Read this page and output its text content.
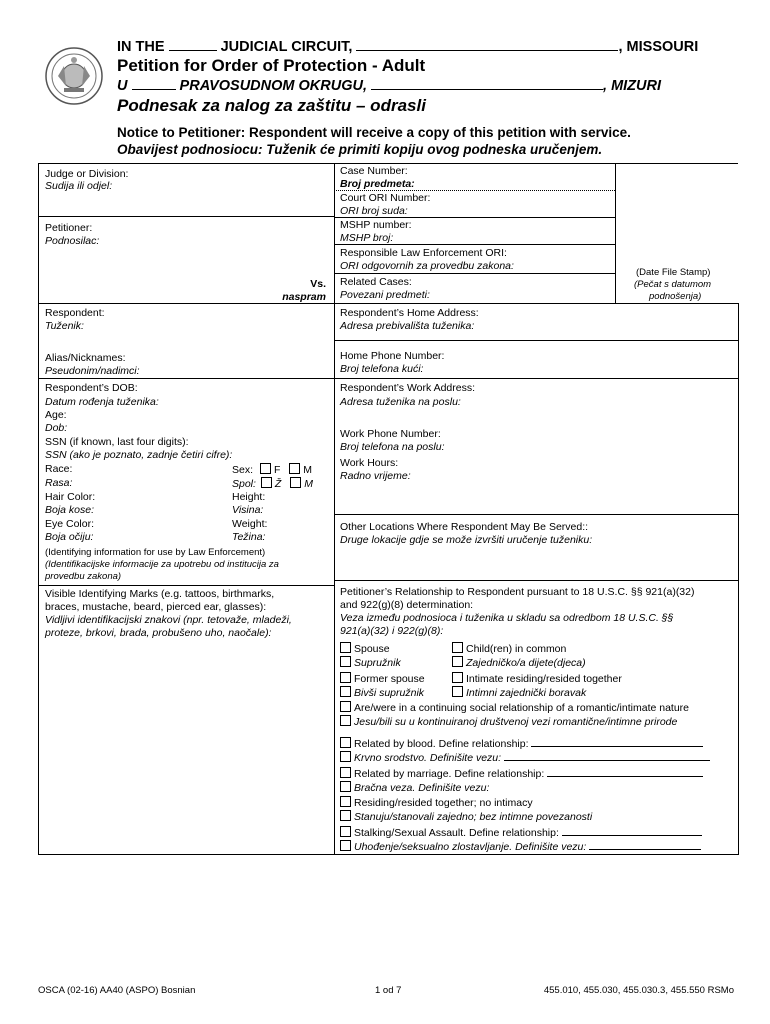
IN THE	JUDICIAL CIRCUIT,	, MISSOURI
Petition for Order of Protection - Adult
U	PRAVOSUDNOM OKRUGU,	, MIZURI
Podnesak za nalog za zaštitu – odrasli
Notice to Petitioner: Respondent will receive a copy of this petition with service.
Obavijest podnosiocu: Tuženik će primiti kopiju ovog podneska uručenjem.
Judge or Division:
Sudija ili odjel:
Petitioner:
Podnosilac:
Vs.
naspram
Respondent:
Tuženik:
Alias/Nicknames:
Pseudonim/nadimci:
Respondent’s DOB:
Datum rođenja tuženika:
Age:
Dob:
SSN (if known, last four digits):
SSN (ako je poznato, zadnje četiri cifre):
Race:
Rasa:
Sex: F M
Spol: Ž M
Hair Color:
Boja kose:
Height:
Visina:
Eye Color:
Boja očiju:
Weight:
Težina:
(Identifying information for use by Law Enforcement)
(Identifikacijske informacije za upotrebu od institucija za
provedbu zakona)
Visible Identifying Marks (e.g. tattoos, birthmarks,
braces, mustache, beard, pierced ear, glasses):
Vidljivi identifikacijski znakovi (npr. tetovaže, mladeži,
proteze, brkovi, brada, probušeno uho, naočale):
Case Number:
Broj predmeta:
Court ORI Number:
ORI broj suda:
MSHP number:
MSHP broj:
Responsible Law Enforcement ORI:
ORI odgovornih za provedbu zakona:
Related Cases:
Povezani predmeti:
(Date File Stamp)
(Pečat s datumom
podnošenja)
Respondent’s Home Address:
Adresa prebivališta tuženika:
Home Phone Number:
Broj telefona kući:
Respondent’s Work Address:
Adresa tuženika na poslu:
Work Phone Number:
Broj telefona na poslu:
Work Hours:
Radno vrijeme:
Other Locations Where Respondent May Be Served::
Druge lokacije gdje se može izvršiti uručenje tuženiku:
Petitioner’s Relationship to Respondent pursuant to 18 U.S.C. §§ 921(a)(32)
and 922(g)(8) determination:
Veza između podnosioca i tuženika u skladu sa odredbom 18 U.S.C. §§
921(a)(32) i 922(g)(8):
Spouse
Supružnik
Child(ren) in common
Zajedničko/a dijete(djeca)
Former spouse
Bivši supružnik
Intimate residing/resided together
Intimni zajednički boravak
Are/were in a continuing social relationship of a romantic/intimate nature
Jesu/bili su u kontinuiranoj društvenoj vezi romantične/intimne prirode
Related by blood. Define relationship:
Krvno srodstvo. Definišite vezu:
Related by marriage. Define relationship:
Bračna veza. Definišite vezu:
Residing/resided together; no intimacy
Stanuju/stanovali zajedno; bez intimne povezanosti
Stalking/Sexual Assault. Define relationship:
Uhođenje/seksualno zlostavljanje. Definišite vezu:
OSCA (02-16) AA40 (ASPO) Bosnian	1 od 7	455.010, 455.030, 455.030.3, 455.550 RSMo
